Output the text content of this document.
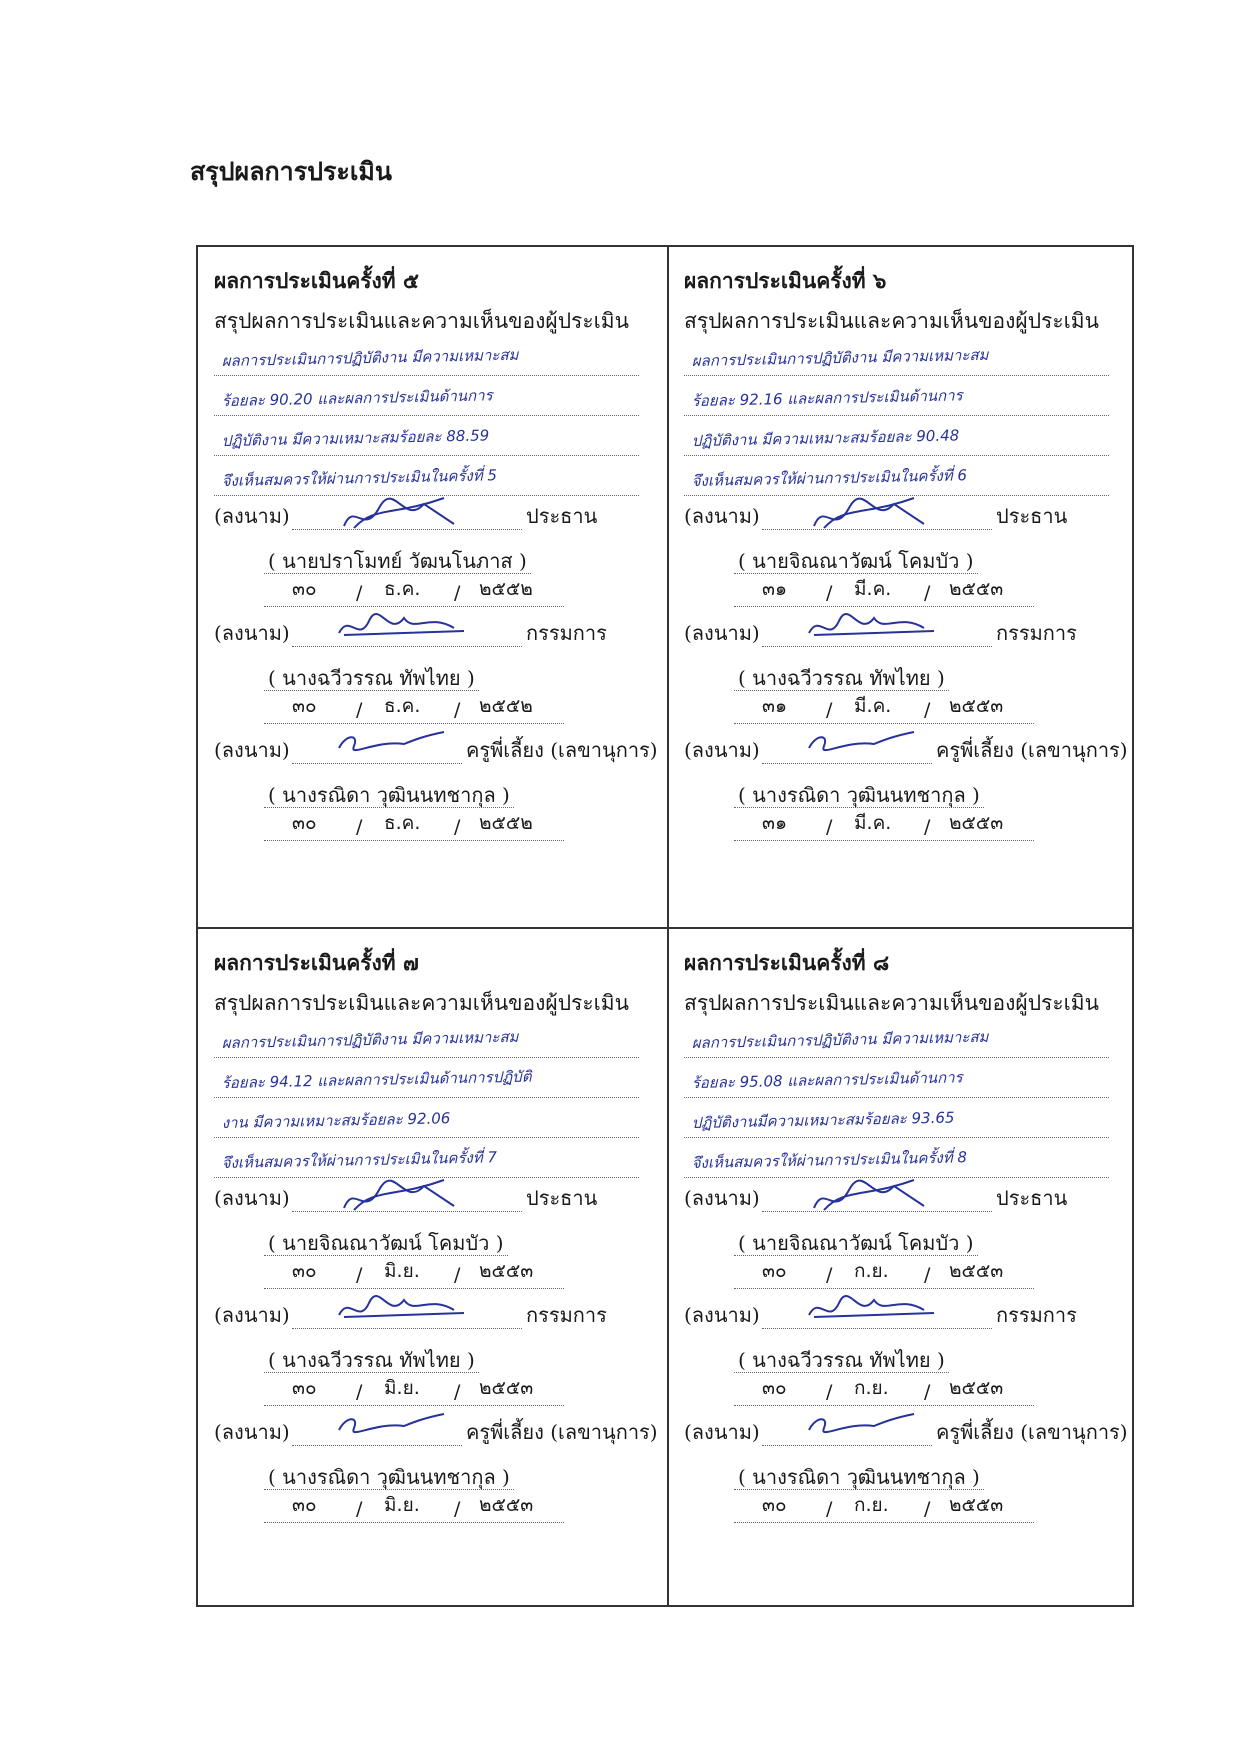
สรุปผลการประเมิน
ผลการประเมินครั้งที่ ๕
สรุปผลการประเมินและความเห็นของผู้ประเมิน
ผลการประเมินการปฏิบัติงาน มีความเหมาะสม
ร้อยละ 90.20 และผลการประเมินด้านการ
ปฏิบัติงาน มีความเหมาะสมร้อยละ 88.59
จึงเห็นสมควรให้ผ่านการประเมินในครั้งที่ 5
(ลงนาม)	ประธาน
( นายปราโมทย์ วัฒนโนภาส )
๓๐ / ธ.ค. / ๒๕๕๒
(ลงนาม)	กรรมการ
( นางฉวีวรรณ ทัพไทย )
๓๐ / ธ.ค. / ๒๕๕๒
(ลงนาม)	ครูพี่เลี้ยง (เลขานุการ)
( นางรณิดา วุฒินนทชากุล )
๓๐ / ธ.ค. / ๒๕๕๒
ผลการประเมินครั้งที่ ๖
สรุปผลการประเมินและความเห็นของผู้ประเมิน
ผลการประเมินการปฏิบัติงาน มีความเหมาะสม
ร้อยละ 92.16 และผลการประเมินด้านการ
ปฏิบัติงาน มีความเหมาะสมร้อยละ 90.48
จึงเห็นสมควรให้ผ่านการประเมินในครั้งที่ 6
(ลงนาม)	ประธาน
( นายจิณณาวัฒน์ โคมบัว )
๓๑ / มี.ค. / ๒๕๕๓
(ลงนาม)	กรรมการ
( นางฉวีวรรณ ทัพไทย )
๓๑ / มี.ค. / ๒๕๕๓
(ลงนาม)	ครูพี่เลี้ยง (เลขานุการ)
( นางรณิดา วุฒินนทชากุล )
๓๑ / มี.ค. / ๒๕๕๓
ผลการประเมินครั้งที่ ๗
สรุปผลการประเมินและความเห็นของผู้ประเมิน
ผลการประเมินการปฏิบัติงาน มีความเหมาะสม
ร้อยละ 94.12 และผลการประเมินด้านการปฏิบัติ
งาน มีความเหมาะสมร้อยละ 92.06
จึงเห็นสมควรให้ผ่านการประเมินในครั้งที่ 7
(ลงนาม)	ประธาน
( นายจิณณาวัฒน์ โคมบัว )
๓๐ / มิ.ย. / ๒๕๕๓
(ลงนาม)	กรรมการ
( นางฉวีวรรณ ทัพไทย )
๓๐ / มิ.ย. / ๒๕๕๓
(ลงนาม)	ครูพี่เลี้ยง (เลขานุการ)
( นางรณิดา วุฒินนทชากุล )
๓๐ / มิ.ย. / ๒๕๕๓
ผลการประเมินครั้งที่ ๘
สรุปผลการประเมินและความเห็นของผู้ประเมิน
ผลการประเมินการปฏิบัติงาน มีความเหมาะสม
ร้อยละ 95.08 และผลการประเมินด้านการ
ปฏิบัติงานมีความเหมาะสมร้อยละ 93.65
จึงเห็นสมควรให้ผ่านการประเมินในครั้งที่ 8
(ลงนาม)	ประธาน
( นายจิณณาวัฒน์ โคมบัว )
๓๐ / ก.ย. / ๒๕๕๓
(ลงนาม)	กรรมการ
( นางฉวีวรรณ ทัพไทย )
๓๐ / ก.ย. / ๒๕๕๓
(ลงนาม)	ครูพี่เลี้ยง (เลขานุการ)
( นางรณิดา วุฒินนทชากุล )
๓๐ / ก.ย. / ๒๕๕๓
